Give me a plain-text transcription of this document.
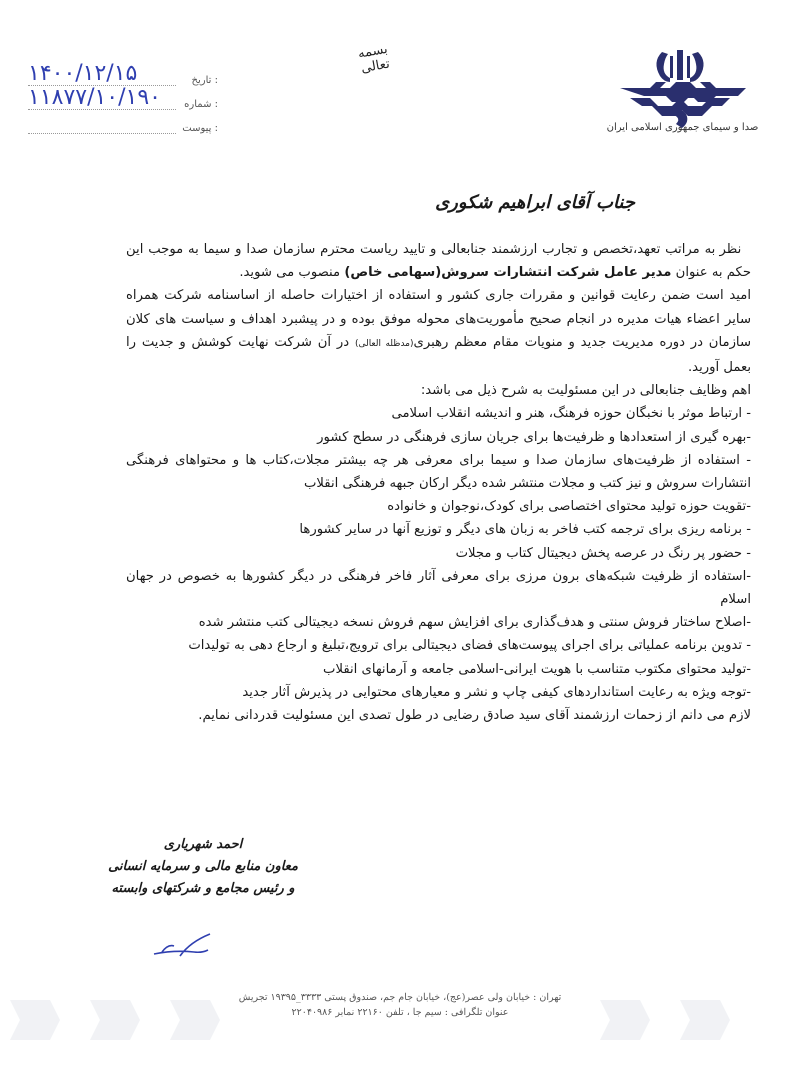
بسمه تعالی
: تاریخ
۱۴۰۰/۱۲/۱۵
: شماره
۱۱۸۷۷/۱۰/۱۹۰
: پیوست	صدا و سیمای جمهوری اسلامی ایران
جناب آقای ابراهیم شکوری

نظر به مراتب تعهد،تخصص و تجارب ارزشمند جنابعالی و تایید ریاست محترم سازمان صدا و سیما به موجب این حکم به عنوان مدیر عامل شرکت انتشارات سروش(سهامی خاص) منصوب می شوید.

امید است ضمن رعایت قوانین و مقررات جاری کشور و استفاده از اختیارات حاصله از اساسنامه شرکت همراه سایر اعضاء هیات مدیره در انجام صحیح مأموریت‌های محوله موفق بوده و در پیشبرد اهداف و سیاست های کلان سازمان در دوره مدیریت جدید و منویات مقام معظم رهبری(مدظله العالی) در آن شرکت نهایت کوشش و جدیت را بعمل آورید.

اهم وظایف جنابعالی در این مسئولیت به شرح ذیل می باشد:

- ارتباط موثر با نخبگان حوزه فرهنگ، هنر و اندیشه انقلاب اسلامی

-بهره گیری از استعدادها و ظرفیت‌ها برای جریان سازی فرهنگی در سطح کشور

- استفاده از ظرفیت‌های سازمان صدا و سیما برای معرفی هر چه بیشتر مجلات،کتاب ها و محتواهای فرهنگی انتشارات سروش و نیز کتب و مجلات منتشر شده دیگر ارکان جبهه فرهنگی انقلاب

-تقویت حوزه تولید محتوای اختصاصی برای کودک،نوجوان و خانواده

- برنامه ریزی برای ترجمه کتب فاخر به زبان های دیگر و توزیع آنها در سایر کشورها

- حضور پر رنگ در عرصه پخش دیجیتال کتاب و مجلات

-استفاده از ظرفیت شبکه‌های برون مرزی برای معرفی آثار فاخر فرهنگی در دیگر کشورها به خصوص در جهان اسلام

-اصلاح ساختار فروش سنتی و هدف‌گذاری برای افزایش سهم فروش نسخه دیجیتالی کتب منتشر شده

- تدوین برنامه عملیاتی برای اجرای پیوست‌های فضای دیجیتالی برای ترویج،تبلیغ و ارجاع دهی به تولیدات

-تولید محتوای مکتوب متناسب با هویت ایرانی-اسلامی جامعه و آرمانهای انقلاب

-توجه ویژه به رعایت استانداردهای کیفی چاپ و نشر و معیارهای محتوایی در پذیرش آثار جدید

لازم می دانم از زحمات ارزشمند آقای سید صادق رضایی در طول تصدی این مسئولیت قدردانی نمایم.

احمد شهریاری
معاون منابع مالی و سرمایه انسانی
و رئیس مجامع و شرکتهای وابسته
تهران : خیابان ولی عصر(عج)، خیابان جام جم، صندوق پستی ۳۳۳۳_۱۹۳۹۵ تجریش
عنوان تلگرافی : سیم جا ، تلفن ۲۲۱۶۰ نمابر ۲۲۰۴۰۹۸۶
